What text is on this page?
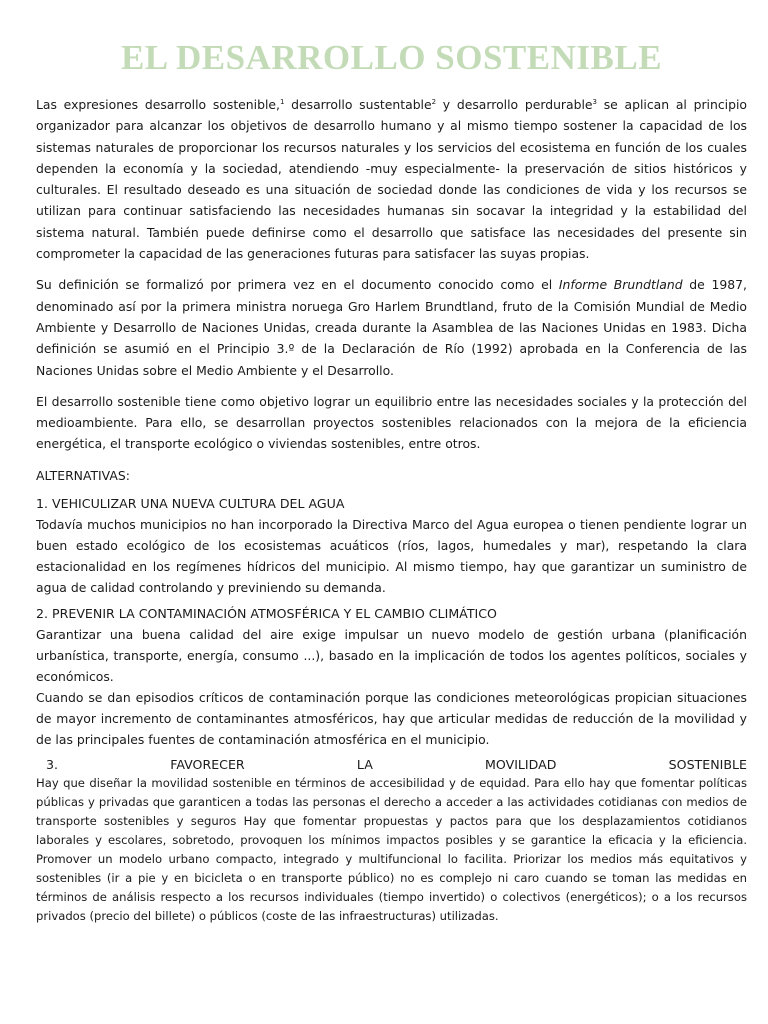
EL DESARROLLO SOSTENIBLE

Las expresiones desarrollo sostenible,$^1$ desarrollo sustentable$^2$ y desarrollo perdurable$^3$ se aplican al principio organizador para alcanzar los objetivos de desarrollo humano y al mismo tiempo sostener la capacidad de los sistemas naturales de proporcionar los recursos naturales y los servicios del ecosistema en función de los cuales dependen la economía y la sociedad, atendiendo -muy especialmente- la preservación de sitios históricos y culturales. El resultado deseado es una situación de sociedad donde las condiciones de vida y los recursos se utilizan para continuar satisfaciendo las necesidades humanas sin socavar la integridad y la estabilidad del sistema natural. También puede definirse como el desarrollo que satisface las necesidades del presente sin comprometer la capacidad de las generaciones futuras para satisfacer las suyas propias.

Su definición se formalizó por primera vez en el documento conocido como el Informe Brundtland de 1987, denominado así por la primera ministra noruega Gro Harlem Brundtland, fruto de la Comisión Mundial de Medio Ambiente y Desarrollo de Naciones Unidas, creada durante la Asamblea de las Naciones Unidas en 1983. Dicha definición se asumió en el Principio 3.º de la Declaración de Río (1992) aprobada en la Conferencia de las Naciones Unidas sobre el Medio Ambiente y el Desarrollo.

El desarrollo sostenible tiene como objetivo lograr un equilibrio entre las necesidades sociales y la protección del medioambiente. Para ello, se desarrollan proyectos sostenibles relacionados con la mejora de la eficiencia energética, el transporte ecológico o viviendas sostenibles, entre otros.

ALTERNATIVAS:

1. VEHICULIZAR UNA NUEVA CULTURA DEL AGUA

Todavía muchos municipios no han incorporado la Directiva Marco del Agua europea o tienen pendiente lograr un buen estado ecológico de los ecosistemas acuáticos (ríos, lagos, humedales y mar), respetando la clara estacionalidad en los regímenes hídricos del municipio. Al mismo tiempo, hay que garantizar un suministro de agua de calidad controlando y previniendo su demanda.

2. PREVENIR LA CONTAMINACIÓN ATMOSFÉRICA Y EL CAMBIO CLIMÁTICO

Garantizar una buena calidad del aire exige impulsar un nuevo modelo de gestión urbana (planificación urbanística, transporte, energía, consumo ...), basado en la implicación de todos los agentes políticos, sociales y económicos.

Cuando se dan episodios críticos de contaminación porque las condiciones meteorológicas propician situaciones de mayor incremento de contaminantes atmosféricos, hay que articular medidas de reducción de la movilidad y de las principales fuentes de contaminación atmosférica en el municipio.

3.	FAVORECER	LA	MOVILIDAD	SOSTENIBLE

Hay que diseñar la movilidad sostenible en términos de accesibilidad y de equidad. Para ello hay que fomentar políticas públicas y privadas que garanticen a todas las personas el derecho a acceder a las actividades cotidianas con medios de transporte sostenibles y seguros Hay que fomentar propuestas y pactos para que los desplazamientos cotidianos laborales y escolares, sobretodo, provoquen los mínimos impactos posibles y se garantice la eficacia y la eficiencia. Promover un modelo urbano compacto, integrado y multifuncional lo facilita. Priorizar los medios más equitativos y sostenibles (ir a pie y en bicicleta o en transporte público) no es complejo ni caro cuando se toman las medidas en términos de análisis respecto a los recursos individuales (tiempo invertido) o colectivos (energéticos); o a los recursos privados (precio del billete) o públicos (coste de las infraestructuras) utilizadas.
